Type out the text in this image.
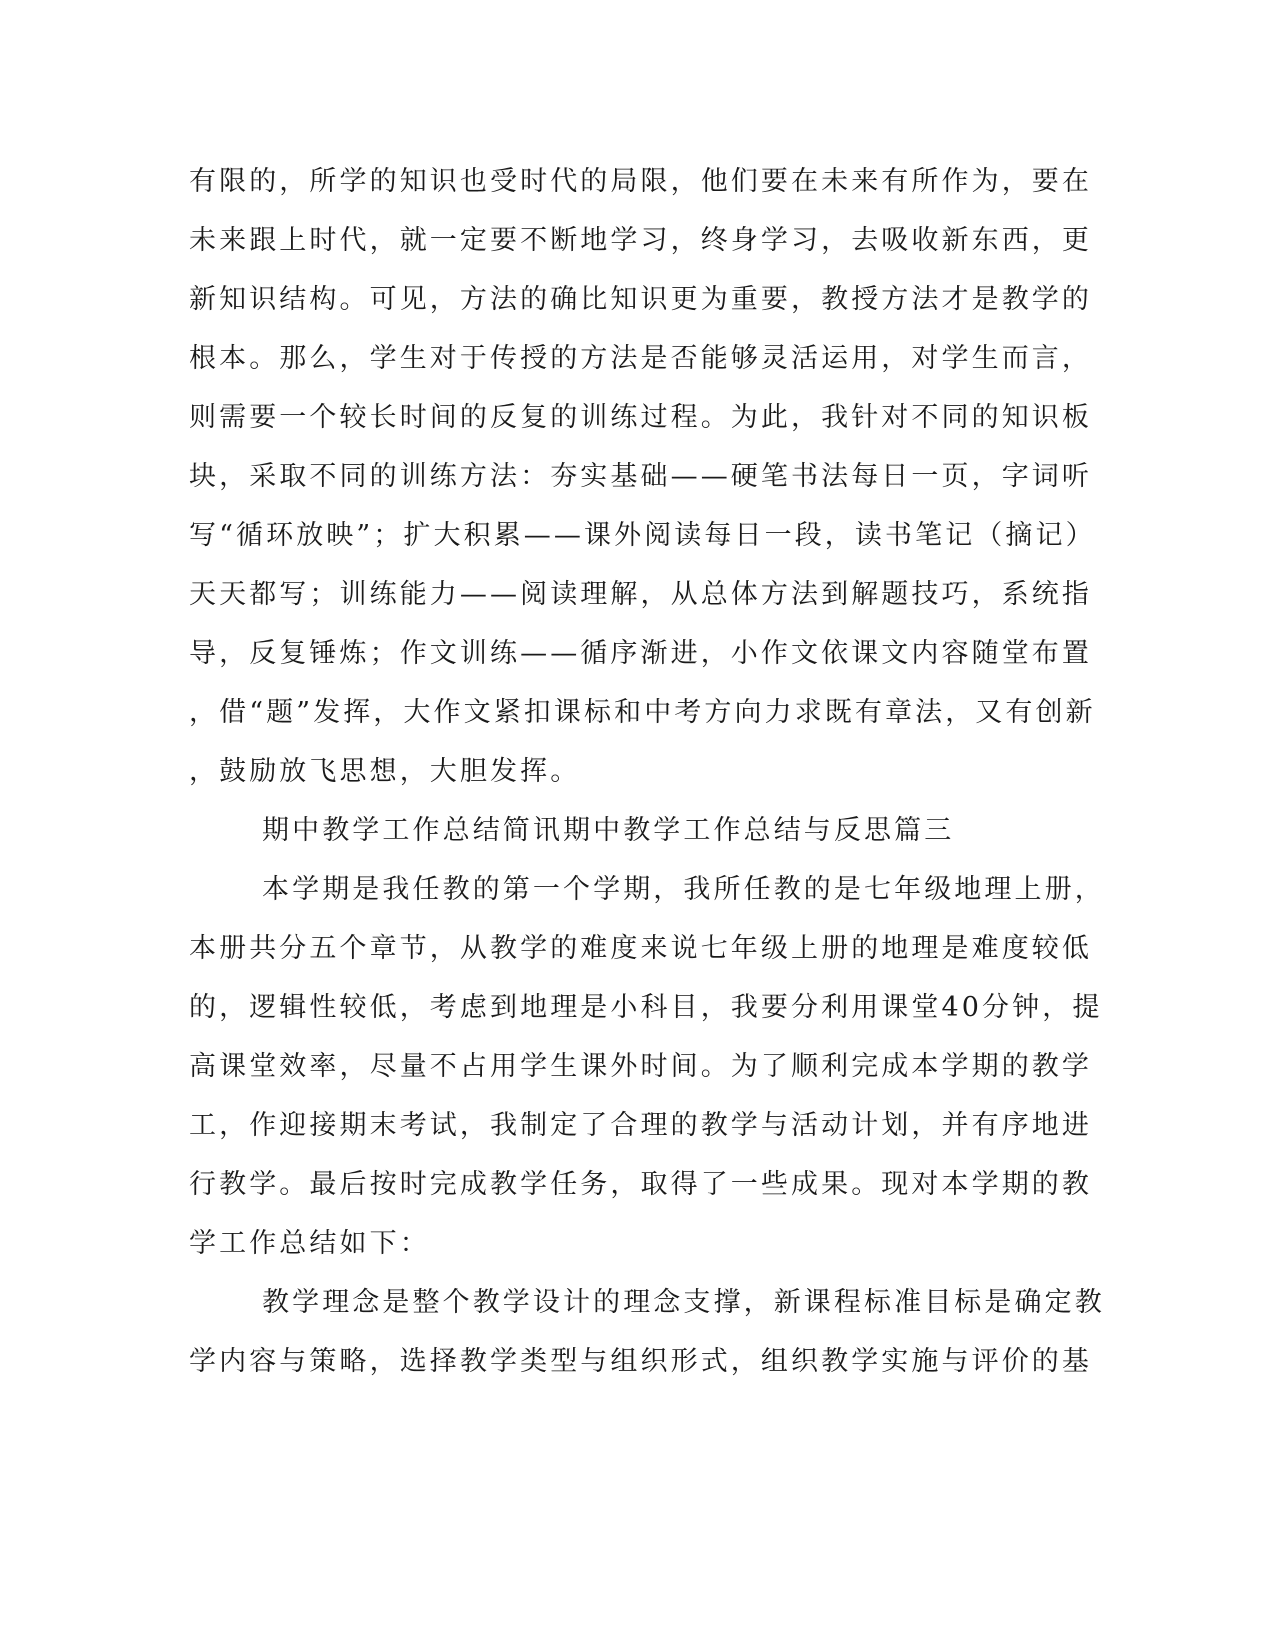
有限的，所学的知识也受时代的局限，他们要在未来有所作为，要在
未来跟上时代，就一定要不断地学习，终身学习，去吸收新东西，更
新知识结构。可见，方法的确比知识更为重要，教授方法才是教学的
根本。那么，学生对于传授的方法是否能够灵活运用，对学生而言，
则需要一个较长时间的反复的训练过程。为此，我针对不同的知识板
块，采取不同的训练方法：夯实基础——硬笔书法每日一页，字词听
写“循环放映”；扩大积累——课外阅读每日一段，读书笔记（摘记）
天天都写；训练能力——阅读理解，从总体方法到解题技巧，系统指
导，反复锤炼；作文训练——循序渐进，小作文依课文内容随堂布置
，借“题”发挥，大作文紧扣课标和中考方向力求既有章法，又有创新
，鼓励放飞思想，大胆发挥。
期中教学工作总结简讯期中教学工作总结与反思篇三
本学期是我任教的第一个学期，我所任教的是七年级地理上册，
本册共分五个章节，从教学的难度来说七年级上册的地理是难度较低
的，逻辑性较低，考虑到地理是小科目，我要分利用课堂40分钟，提
高课堂效率，尽量不占用学生课外时间。为了顺利完成本学期的教学
工，作迎接期末考试，我制定了合理的教学与活动计划，并有序地进
行教学。最后按时完成教学任务，取得了一些成果。现对本学期的教
学工作总结如下：
教学理念是整个教学设计的理念支撑，新课程标准目标是确定教
学内容与策略，选择教学类型与组织形式，组织教学实施与评价的基
